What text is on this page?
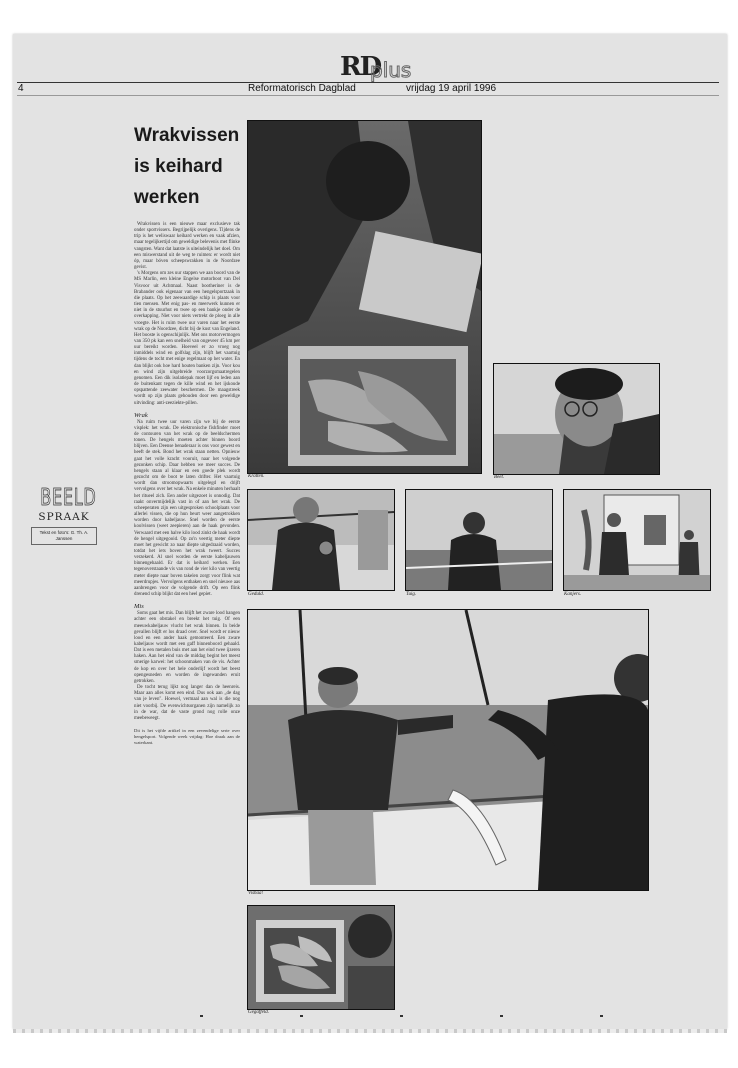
RD
plus
4	Reformatorisch Dagblad	vrijdag 19 april 1996
Wrakvissen
is keihard
werken

Wrakvissen is een nieuwe maar exclusieve tak onder sportvissers. Begrijpelijk overigens. Tijdens de trip is het weliswaar keihard werken en vaak afzien, maar tegelijkertijd om geweldige belevenis met flinke vangsten. Want dat laatste is uiteindelijk het doel. Om een miswerstand uit de weg te ruimen: er wordt niet óp, maar bóven scheepswrakken in de Noordzee gevist.

's Morgens om zes uur stappen we aan boord van de MS Marlin, een kleine Engelse motorboot van Del Visvoor uit Achtmaal. Naast bootheriner is de Brabander ook eigenaar van een hengelsportzaak in die plaats. Op het zeewaardige schip is plaats voor tien mensen. Met enig pas- en meerwerk kunnen er niet in de stuurhut en twee op een bankje onder de overkapping. Niet voor niets vertrekt de ploeg in alle vroegte. Het is ruim twee uur varen naar het eerste wrak op de Noordzee, dicht bij de kust van Engeland. Het booste is ogenschijnlijk. Met ons motorvermogen van 350 pk kan een snelheid van ongeveer 45 km per uur bereikt worden. Hoeveel er zo vroeg nog inmiddels wind en golfslag zijn, blijft het vaartuig tijdens de tocht met enige regelmaat op het water. En dan blijkt ook hoe hard houten banken zijn. Voor kou en wind zijn uitgebreide voorzorgsmaatregelen genomen. Een dik isolatiepak moet lijf en leden aan de buitenkant tegen de kille wind en het ijskoude opspattende zeewater beschermen. De maagstreek wordt op zijn plaats gehouden door een geweldige uitvinding: anti-zeeziekte-pillen.

Wrak

Na ruim twee uur varen zijn we bij de eerste visplek: het wrak. De elektronische fishfinder moet de contouren van het wrak op de beeldschermen tonen. De hengels moeten achter binnen boord blijven. Een Deense benaderaar is ons voor gewest en heeft de stek. Bond het wrak staan netten. Opnieuw gaat het volle kracht vooruit, naar het volgende gezonken schip. Daar hebben we meer succes. De hengels staan al klaar en een goede plek wordt gezocht om de boot te laten drifter. Het vaartuig wordt dan stroomopwaarts uitgelegd en drijft vervolgens over het wrak. Na enkele minuten herhaalt het ritueel zich. Een ander uitgezoet is onnodig. Dat raakt onvermijdelijk vast in of aan het wrak. De scheeperaten zijn een uitgesproken schoolplaats voor allerlei vissen, die op hun beurt weer aangetrokken worden door kabeljauw. Snel worden de eerste koolvissen (weet zeepieren) aan de haak gevonden. Verwaard met een halve kilo lood zinkt de haak wordt de hengel uitgegooid. Op zo'n veertig meter diepte moet het gewicht zo naar diepte uitgedraaid worden, totdat het iets boven het wrak tweert. Succes verzekerd. Al snel worden de eerste kabeljauwen binnengehaald. Er dat is keihard werken. Een tegenoverstaande vis van rond de vier kilo van veertig meter diepte naar boven takelen zorgt voor flink wat meerdrupjes. Vervolgens enthaken en snel nieuwe aas aanbrengen voor de volgende drift. Op een flink drenend schip blijkt dat een heel gepiet.

Mis

Soms gaat het mis. Dan blijft het zware lood hangen achter een obstakel en breekt het tuig. Of een meeuwkabeljauw vlucht het wrak binnen. In beide gevallen blijft er los draad over. Snel wordt er nieuw lood en een ander haak gemonteerd. Een zware kabeljauw wordt met een gaff binnenboord gehaald. Dat is een metalen buis met aan het eind twee ijzeren haken. Aan het eind van de middag begint het meest smerige karwei: het schoonmaken van de vis. Achter de kop en over het hele onderlijf wordt het beest opengesneden en worden de ingewanden eruit getrokken.

De tocht terug lijkt nog langer dan de heenreis. Maar aan alles komt een eind. Dus ook aan „de dag van je leven". Hoewel, vermaal aan wal is die nog niet voorbij. De evenwichtsorganen zijn namelijk zo in de war, dat de vaste grond nog rolle onze meebeweegt.

Dit is het vijfde artikel in een zevendelige serie over hengelsport. Volgende week vrijdag: Hoe draak aan de waterkant.

BEELD
SPRAAK
Tekst en foto's: G. Th. A. Janssen
Kratten.	Beet.
Geduld.	Tuig.	Kanjers.
Vishaa!
Gegaffeld.
